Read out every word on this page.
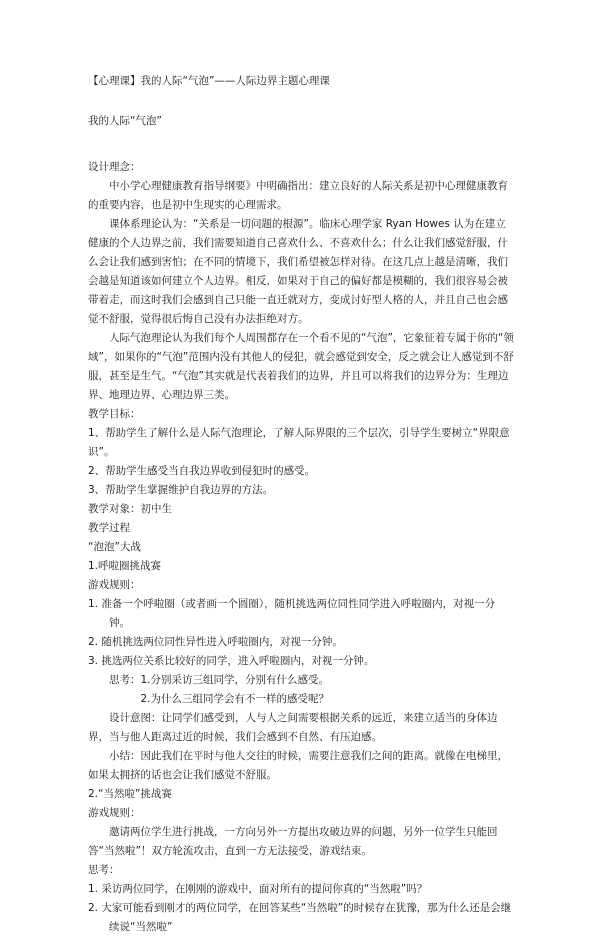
【心理课】我的人际“气泡”——人际边界主题心理课

我的人际“气泡”

设计理念：

中小学心理健康教育指导纲要》中明确指出：建立良好的人际关系是初中心理健康教育的重要内容，也是初中生现实的心理需求。

课体系理论认为：“关系是一切问题的根源”。临床心理学家 Ryan Howes 认为在建立健康的个人边界之前，我们需要知道自己喜欢什么、不喜欢什么；什么让我们感觉舒服，什么会让我们感到害怕；在不同的情境下，我们希望被怎样对待。在这几点上越是清晰，我们会越是知道该如何建立个人边界。相反，如果对于自己的偏好都是模糊的，我们很容易会被带着走，而这时我们会感到自己只能一直迁就对方，变成讨好型人格的人，并且自己也会感觉不舒服，觉得很后悔自己没有办法拒绝对方。

人际气泡理论认为我们每个人周围都存在一个看不见的“气泡”，它象征着专属于你的“领域”，如果你的“气泡”范围内没有其他人的侵犯，就会感觉到安全，反之就会让人感觉到不舒服，甚至是生气。“气泡”其实就是代表着我们的边界，并且可以将我们的边界分为：生理边界、地理边界、心理边界三类。

教学目标：

1、帮助学生了解什么是人际气泡理论，了解人际界限的三个层次，引导学生要树立“界限意识”。

2、帮助学生感受当自我边界收到侵犯时的感受。

3、帮助学生掌握维护自我边界的方法。

教学对象：初中生

教学过程

“泡泡”大战

1.呼啦圈挑战赛

游戏规则：

1. 准备一个呼啦圈（或者画一个圆圈），随机挑选两位同性同学进入呼啦圈内，对视一分钟。

2. 随机挑选两位同性异性进入呼啦圈内，对视一分钟。

3. 挑选两位关系比较好的同学，进入呼啦圈内，对视一分钟。

思考：1.分别采访三组同学，分别有什么感受。

2.为什么三组同学会有不一样的感受呢？

设计意图：让同学们感受到，人与人之间需要根据关系的远近，来建立适当的身体边界，当与他人距离过近的时候，我们会感到不自然、有压迫感。

小结：因此我们在平时与他人交往的时候，需要注意我们之间的距离。就像在电梯里，如果太拥挤的话也会让我们感觉不舒服。

2.“当然啦”挑战赛

游戏规则：

邀请两位学生进行挑战，一方向另外一方提出攻破边界的问题，另外一位学生只能回答“当然啦”！双方轮流攻击，直到一方无法接受，游戏结束。

思考：

1. 采访两位同学，在刚刚的游戏中，面对所有的提问你真的“当然啦”吗？

2. 大家可能看到刚才的两位同学，在回答某些“当然啦”的时候存在犹豫，那为什么还是会继续说“当然啦”
